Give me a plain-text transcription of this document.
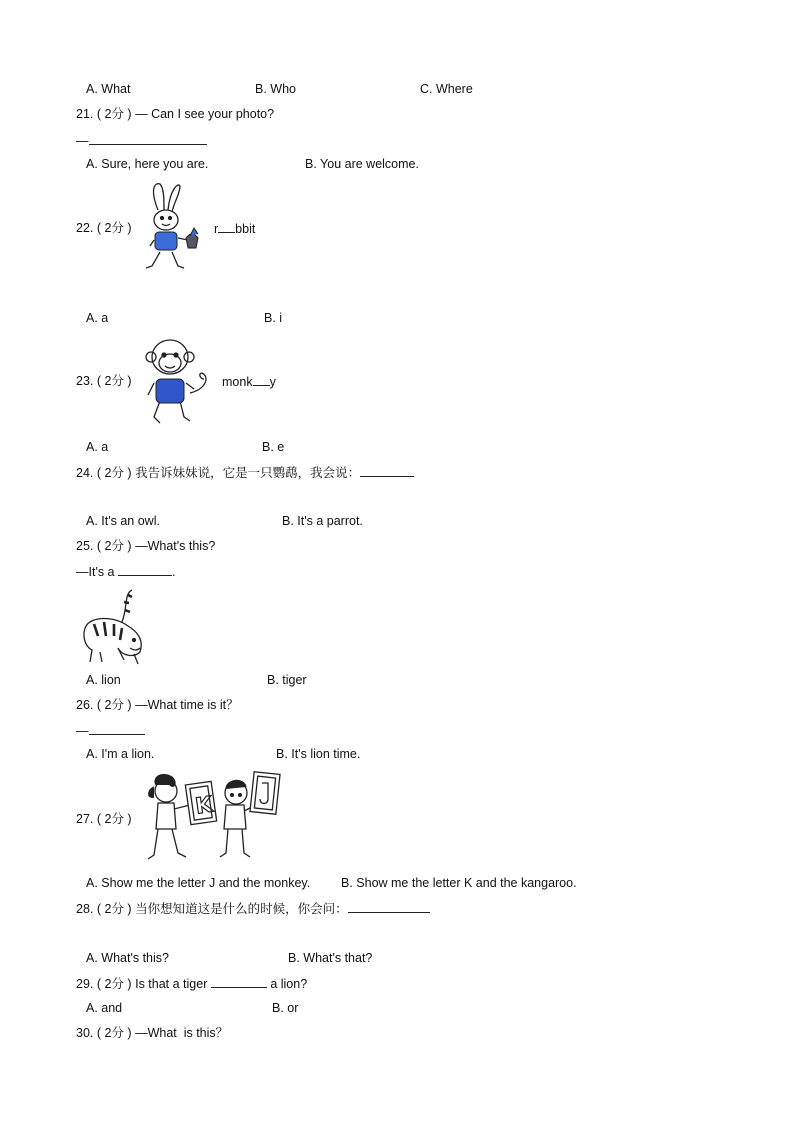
A. What	B. Who	C. Where
21. ( 2分 ) — Can I see your photo?
—
A. Sure, here you are.	B. You are welcome.
22. ( 2分 )	r bbit
A. a	B. i
23. ( 2分 )	monk y
A. a	B. e
24. ( 2分 ) 我告诉妹妹说，它是一只鹦鹉，我会说：
A. It's an owl.	B. It's a parrot.
25. ( 2分 ) —What's this?
—It's a	.
A. lion	B. tiger
26. ( 2分 ) —What time is it？
—
A. I'm a lion.	B. It's lion time.
27. ( 2分 )	K
A. Show me the letter J and the monkey. B. Show me the letter K and the kangaroo.
28. ( 2分 ) 当你想知道这是什么的时候，你会问：
A. What's this?	B. What's that?
29. ( 2分 ) Is that a tiger	a lion?
A. and	B. or
30. ( 2分 ) —What  is this？
